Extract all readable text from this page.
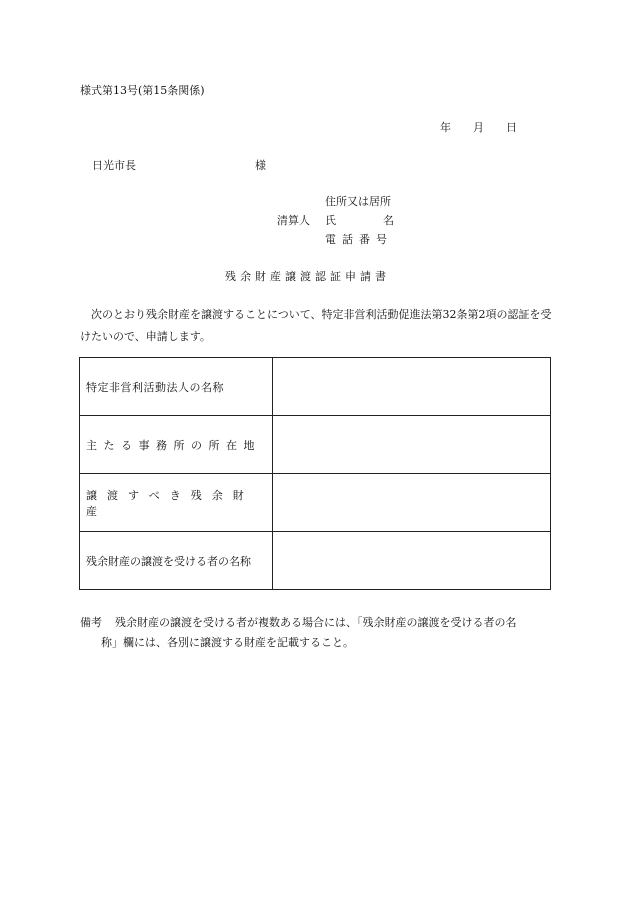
様式第13号(第15条関係)
年 月 日
日光市長	様
住所又は居所
清算人 氏	名
電話番号
残余財産譲渡認証申請書
次のとおり残余財産を譲渡することについて、特定非営利活動促進法第32条第2項の認証を受けたいので、申請します。
特定非営利活動法人の名称	
主たる事務所の所在地	
譲渡すべき残余財産	
残余財産の譲渡を受ける者の名称	
備考 残余財産の譲渡を受ける者が複数ある場合には、「残余財産の譲渡を受ける者の名
称」欄には、各別に譲渡する財産を記載すること。
